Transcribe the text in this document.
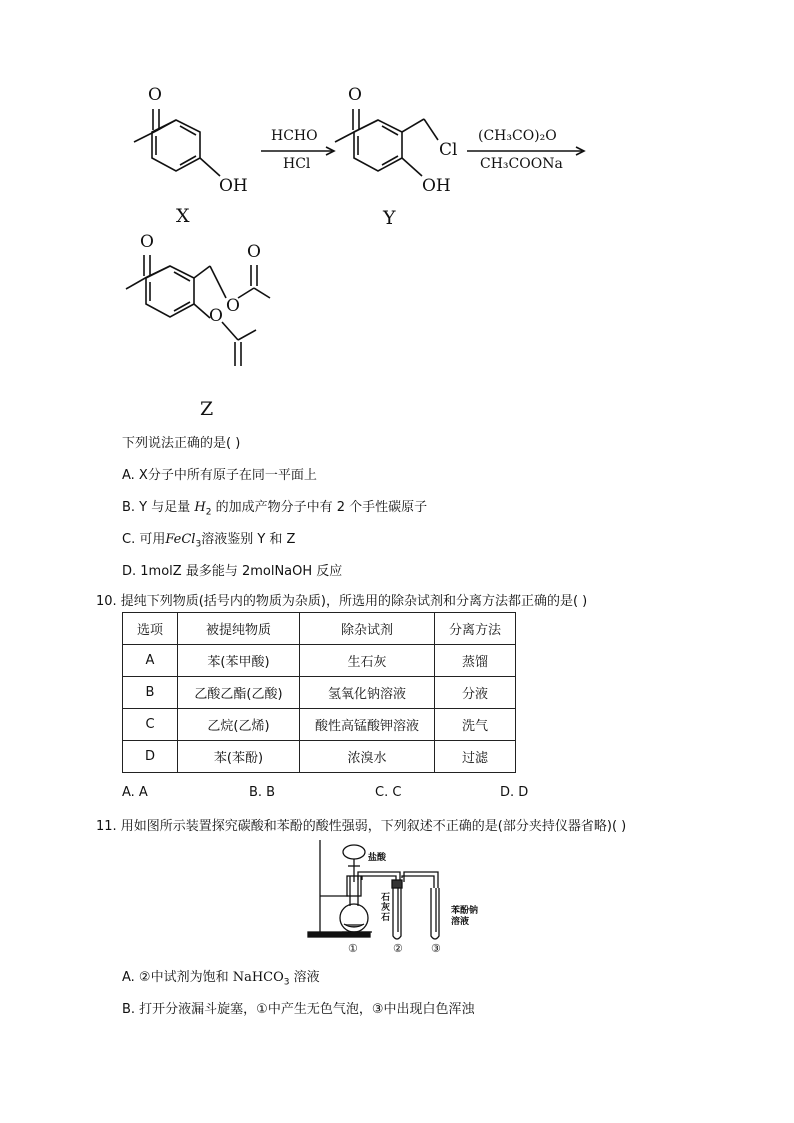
O
OH
X
HCHO
HCl
O
Cl
OH
Y
(CH₃CO)₂O
CH₃COONa
O	O
O
O
Z
下列说法正确的是( )
A. X分子中所有原子在同一平面上
B. Y 与足量 $H_2$ 的加成产物分子中有 2 个手性碳原子
C. 可用FeCl$_3$溶液鉴别 Y 和 Z
D. 1molZ 最多能与 2molNaOH 反应
10. 提纯下列物质(括号内的物质为杂质)，所选用的除杂试剂和分离方法都正确的是( )
选项	被提纯物质	除杂试剂	分离方法
A	苯(苯甲酸)	生石灰	蒸馏
B	乙酸乙酯(乙酸)	氢氧化钠溶液	分液
C	乙烷(乙烯)	酸性高锰酸钾溶液	洗气
D	苯(苯酚)	浓溴水	过滤
A. A	B. B	C. C	D. D
11. 用如图所示装置探究碳酸和苯酚的酸性强弱，下列叙述不正确的是(部分夹持仪器省略)( )
盐酸
石
灰
石
苯酚钠
溶液
①	②	③
A. ②中试剂为饱和 NaHCO$_3$ 溶液
B. 打开分液漏斗旋塞，①中产生无色气泡，③中出现白色浑浊
